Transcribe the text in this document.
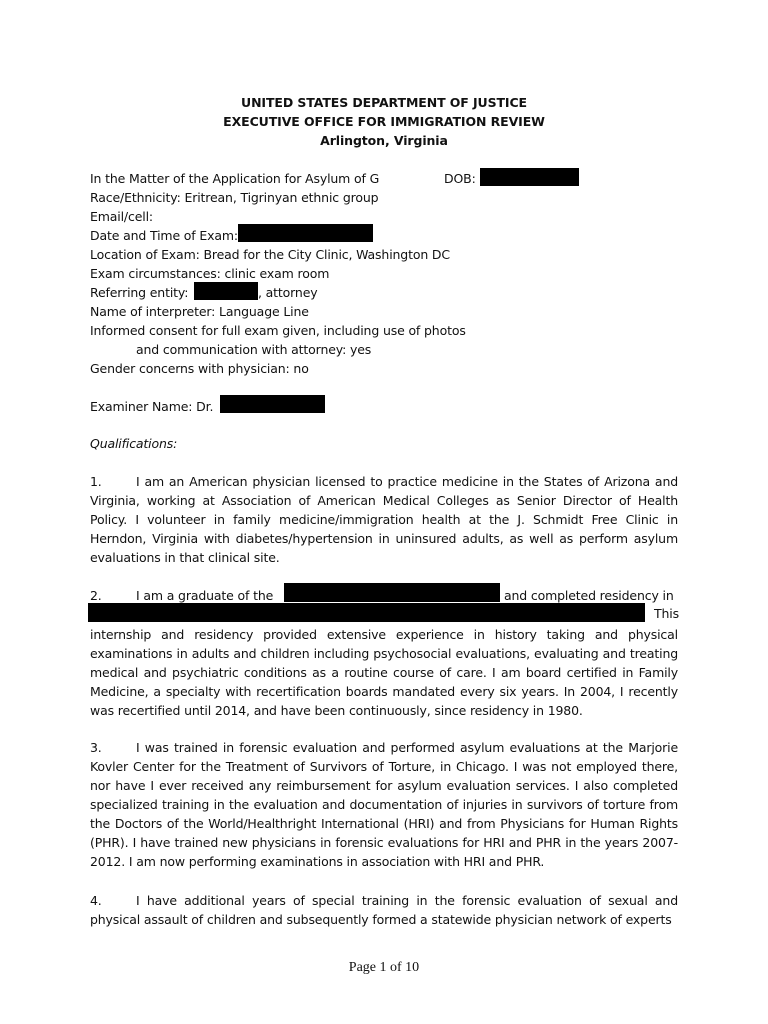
UNITED STATES DEPARTMENT OF JUSTICE
EXECUTIVE OFFICE FOR IMMIGRATION REVIEW
Arlington, Virginia
In the Matter of the Application for Asylum of G	DOB:
Race/Ethnicity: Eritrean, Tigrinyan ethnic group
Email/cell:
Date and Time of Exam:
Location of Exam: Bread for the City Clinic, Washington DC
Exam circumstances: clinic exam room
Referring entity:	, attorney
Name of interpreter: Language Line
Informed consent for full exam given, including use of photos
and communication with attorney: yes
Gender concerns with physician: no
Examiner Name: Dr.
Qualifications:
1.	I am an American physician licensed to practice medicine in the States of Arizona and Virginia, working at Association of American Medical Colleges as Senior Director of Health Policy. I volunteer in family medicine/immigration health at the J. Schmidt Free Clinic in Herndon, Virginia with diabetes/hypertension in uninsured adults, as well as perform asylum evaluations in that clinical site.
2.	I am a graduate of the	and completed residency in
This
internship and residency provided extensive experience in history taking and physical examinations in adults and children including psychosocial evaluations, evaluating and treating medical and psychiatric conditions as a routine course of care. I am board certified in Family Medicine, a specialty with recertification boards mandated every six years. In 2004, I recently was recertified until 2014, and have been continuously, since residency in 1980.
3.	I was trained in forensic evaluation and performed asylum evaluations at the Marjorie Kovler Center for the Treatment of Survivors of Torture, in Chicago. I was not employed there, nor have I ever received any reimbursement for asylum evaluation services. I also completed specialized training in the evaluation and documentation of injuries in survivors of torture from the Doctors of the World/Healthright International (HRI) and from Physicians for Human Rights (PHR). I have trained new physicians in forensic evaluations for HRI and PHR in the years 2007-2012. I am now performing examinations in association with HRI and PHR.
4.	I have additional years of special training in the forensic evaluation of sexual and physical assault of children and subsequently formed a statewide physician network of experts
Page 1 of 10
